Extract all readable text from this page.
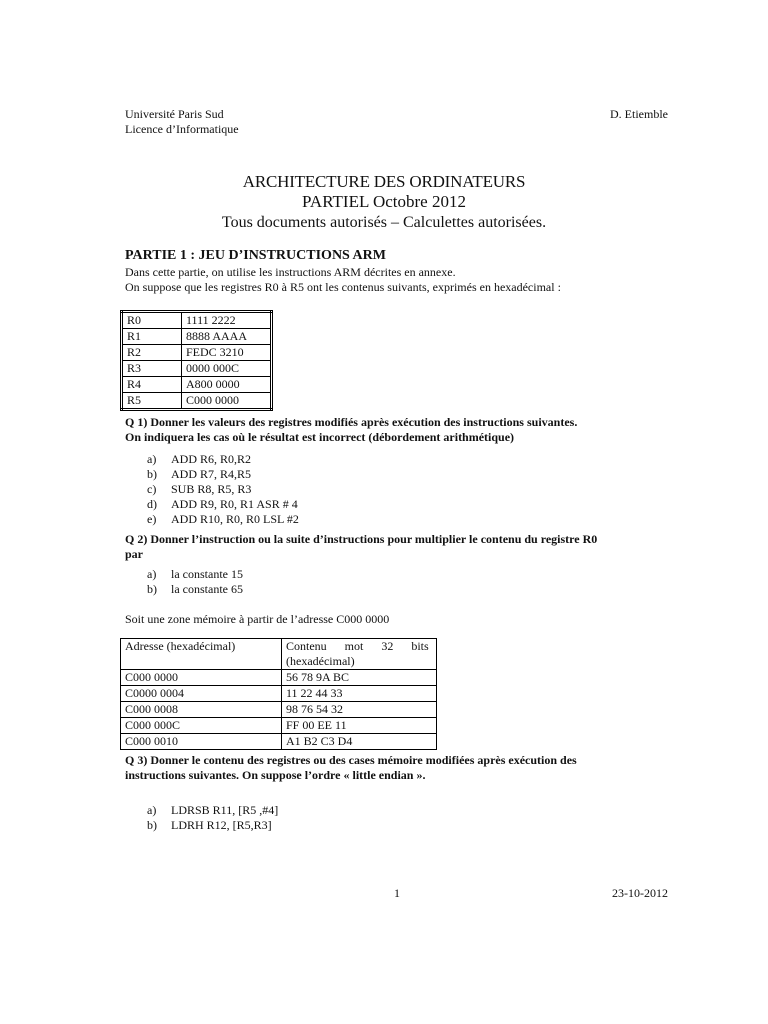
Université Paris Sud
Licence d’Informatique
D. Etiemble
ARCHITECTURE DES ORDINATEURS
PARTIEL Octobre 2012
Tous documents autorisés – Calculettes autorisées.
PARTIE 1 : JEU D’INSTRUCTIONS ARM
Dans cette partie, on utilise les instructions ARM décrites en annexe.
On suppose que les registres R0 à R5 ont les contenus suivants, exprimés en hexadécimal :
R0	1111 2222
R1	8888 AAAA
R2	FEDC 3210
R3	0000 000C
R4	A800 0000
R5	C000 0000
Q 1) Donner les valeurs des registres modifiés après exécution des instructions suivantes.
On indiquera les cas où le résultat est incorrect (débordement arithmétique)
a)	ADD R6, R0,R2
b)	ADD R7, R4,R5
c)	SUB R8, R5, R3
d)	ADD R9, R0, R1 ASR # 4
e)	ADD R10, R0, R0 LSL #2
Q 2) Donner l’instruction ou la suite d’instructions pour multiplier le contenu du registre R0
par
a)	la constante 15
b)	la constante 65
Soit une zone mémoire à partir de l’adresse C000 0000
Adresse (hexadécimal)	Contenu      mot      32      bits
(hexadécimal)

C000 0000	56 78 9A BC
C0000 0004	11 22 44 33
C000 0008	98 76 54 32
C000 000C	FF 00 EE 11
C000 0010	A1 B2 C3 D4
Q 3) Donner le contenu des registres ou des cases mémoire modifiées après exécution des
instructions suivantes. On suppose l’ordre « little endian ».
a)	LDRSB R11, [R5 ,#4]
b)	LDRH R12, [R5,R3]
1	23-10-2012
